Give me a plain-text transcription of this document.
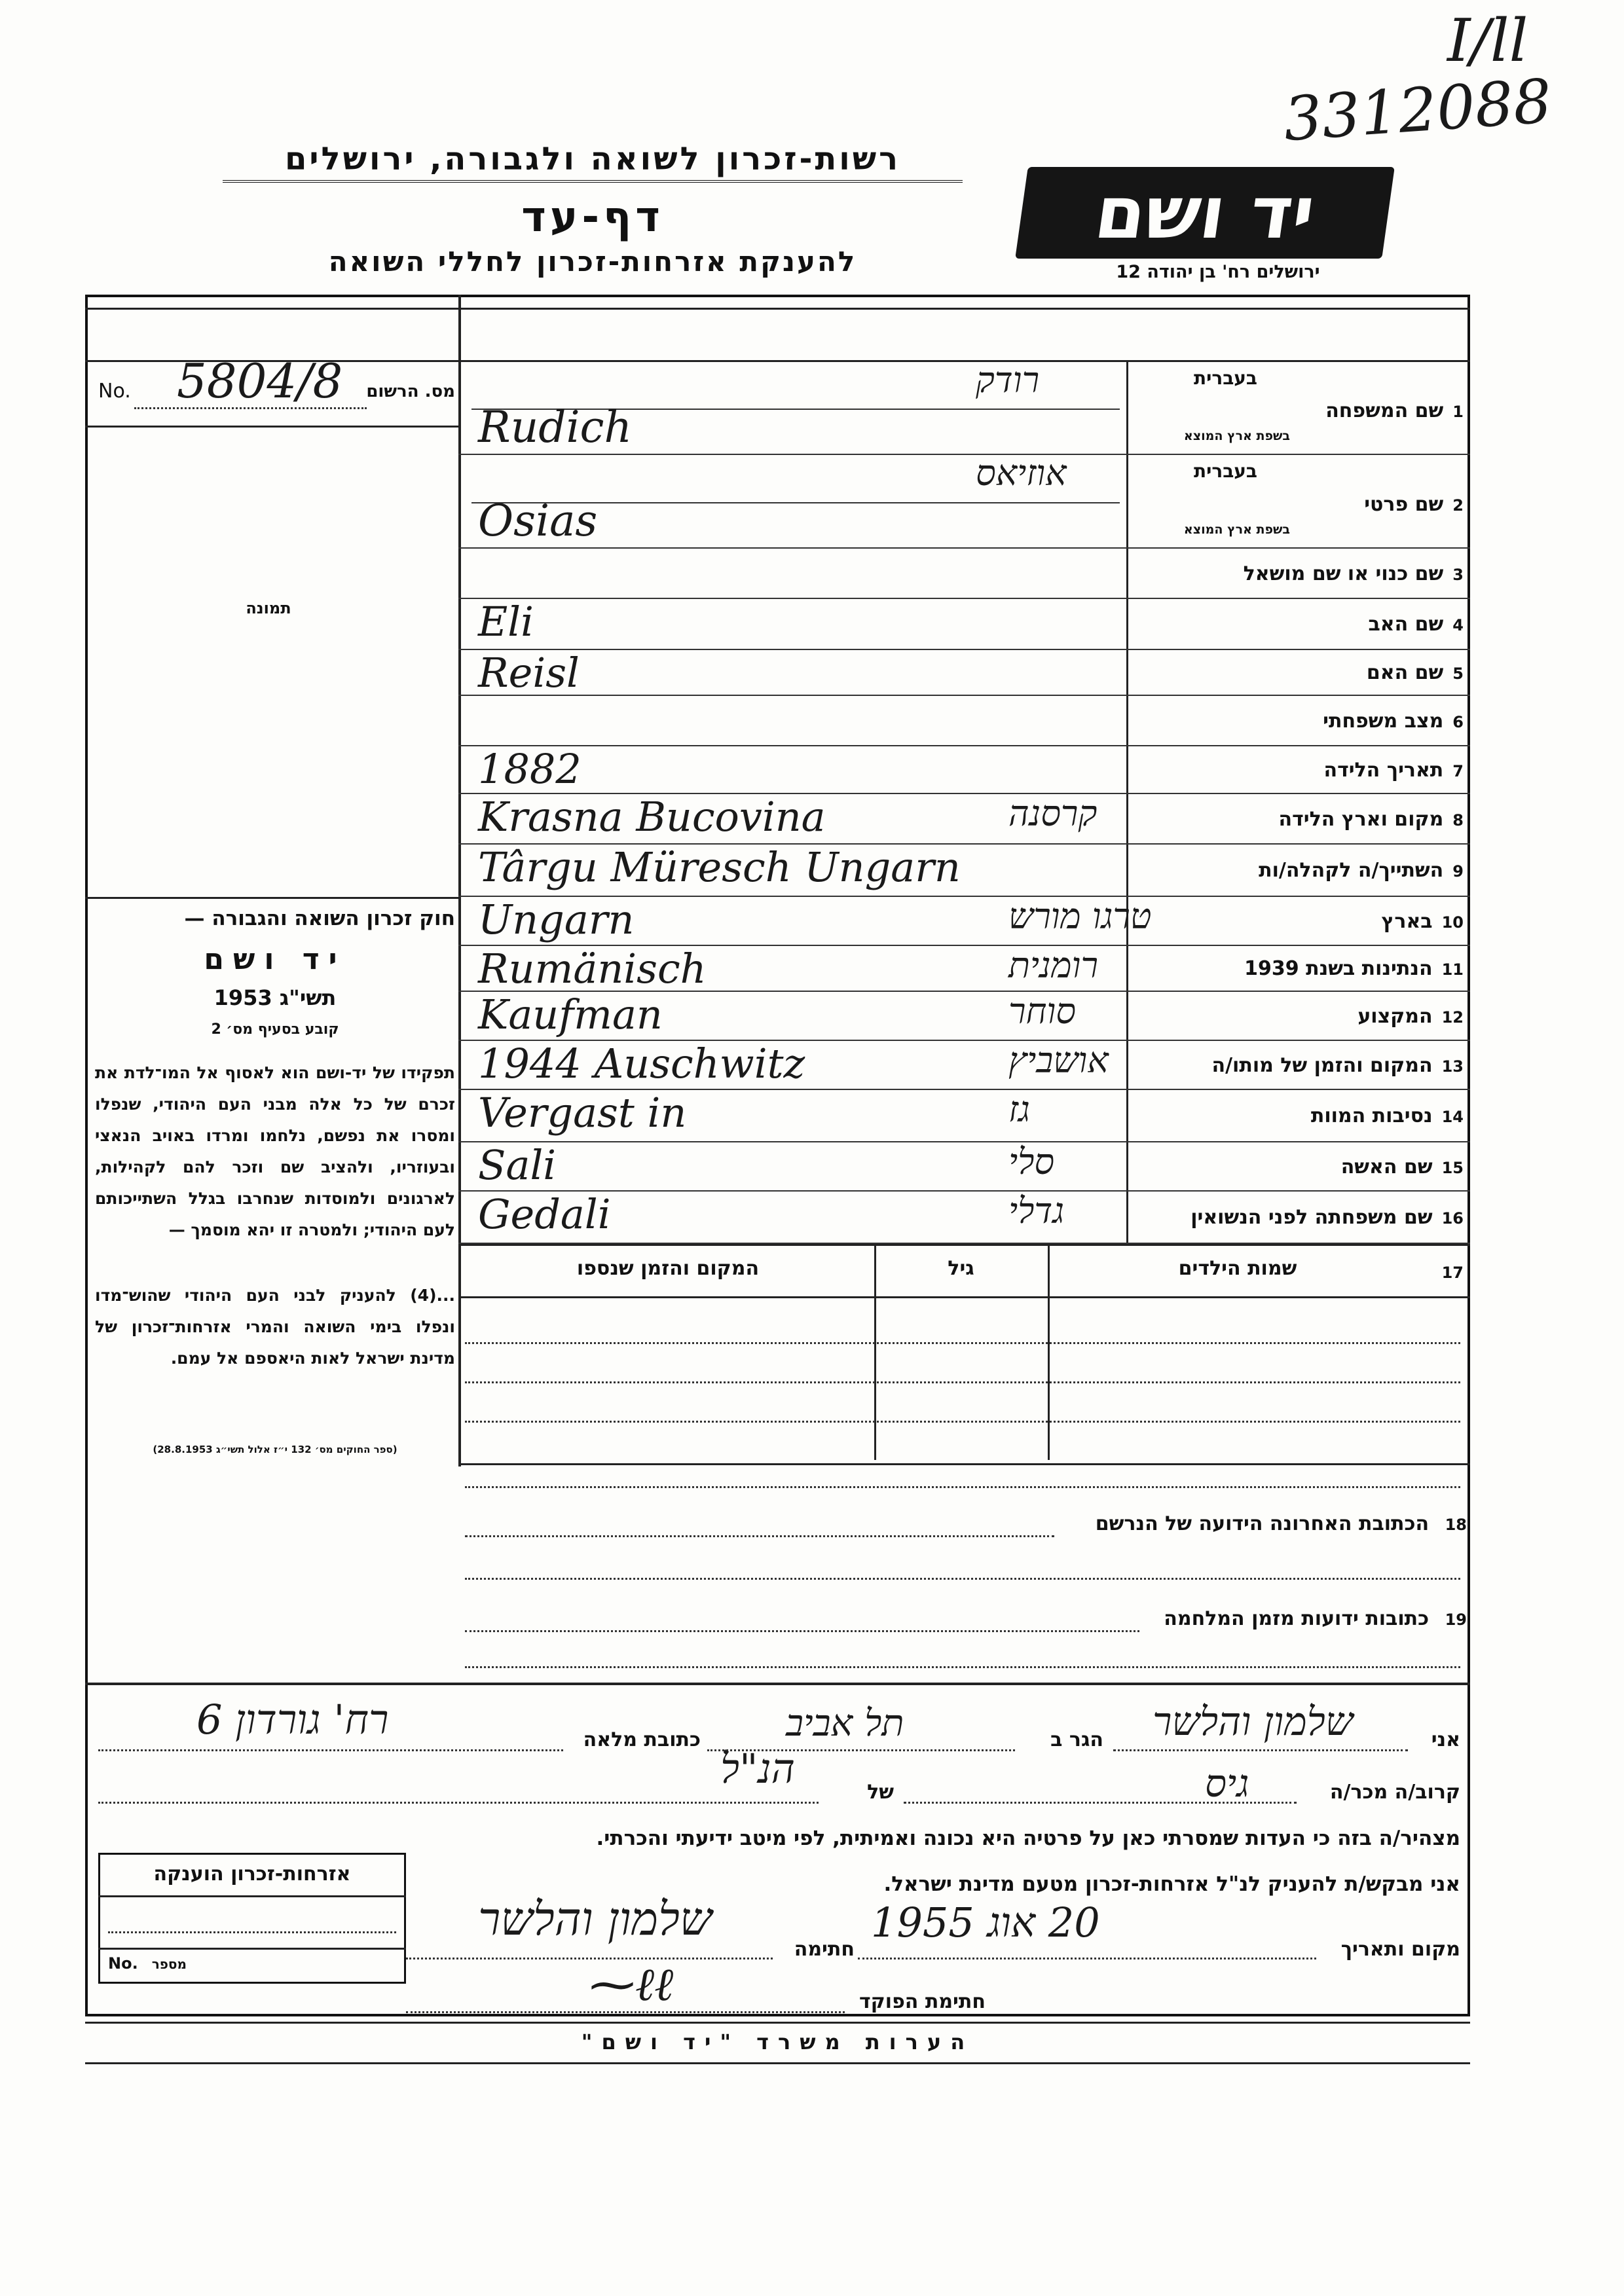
I/ll
3312088
רשות-זכרון לשואה ולגבורה, ירושלים
דף-עד
להענקת אזרחות-זכרון לחללי השואה
יד ושם
ירושלים רח' בן יהודה 12
מס. הרשום
No. 5804/8
תמונה
חוק זכרון השואה והגבורה —
יד ושם
תשי"ג 1953
קובע בסעיף מס׳ 2
תפקידו של יד-ושם הוא לאסוף אל המו־לדת את זכרם של כל אלה מבני העם היהודי, שנפלו ומסרו את נפשם, נלחמו ומרדו באויב הנאצי ובעוזריו, ולהציב שם וזכר להם לקהילות, לארגונים ולמוסדות שנחרבו בגלל השתייכותם לעם היהודי; ולמטרה זו יהא מוסמך —
...(4) להעניק לבני העם היהודי שהוש־מדו ונפלו בימי השואה והמרי אזרחות־זכרון של מדינת ישראל לאות היאספם אל עמם.
(ספר החוקים מס׳ 132 י״ז אלול תשי״ג 28.8.1953)
1שם המשפחה
בעברית
בשפת ארץ המוצא
Rudich
רודק
2שם פרטי
בעברית
בשפת ארץ המוצא
Osias
אוזיאס
3שם כנוי או שם מושאל
4שם האב
Eli
5שם האם
Reisl
6מצב משפחתי
7תאריך הלידה
1882
8מקום וארץ הלידה
Krasna Bucovina	קרסנה
9השתייך/ה לקהלה/ות
Târgu Müresch Ungarn
10בארץ
Ungarn	טרגו מורש
11הנתינות בשנת 1939
Rumänisch	רומנית
12המקצוע
Kaufman	סוחר
13המקום והזמן של מותו/ה
1944 Auschwitz	אושביץ
14נסיבות המוות
Vergast in	גז
15שם האשה
Sali	סלי
16שם משפחתה לפני הנשואין
Gedali	גדלי
17
שמות הילדים
גיל
המקום והזמן שנספו
18 הכתובת האחרונה הידועה של הנרשם
19 כתובות ידועות מזמן המלחמה
אני
שלמון והלשר
הגר ב
תל אביב
כתובת מלאה
רח' גורדון 6
קרוב/ה מכר/ה
גיס
של
הנ"ל
מצהיר/ה בזה כי העדות שמסרתי כאן על פרטיה היא נכונה ואמיתית, לפי מיטב ידיעתי והכרתי.
אני מבקש/ת להעניק לנ"ל אזרחות-זכרון מטעם מדינת ישראל.
מקום ותאריך
20 אוג 1955
חתימה
שלמון והלשר
חתימת הפוקד
⁓ℓℓ
אזרחות-זכרון הוענקה
מספר
No.
הערות משרד "יד ושם"
